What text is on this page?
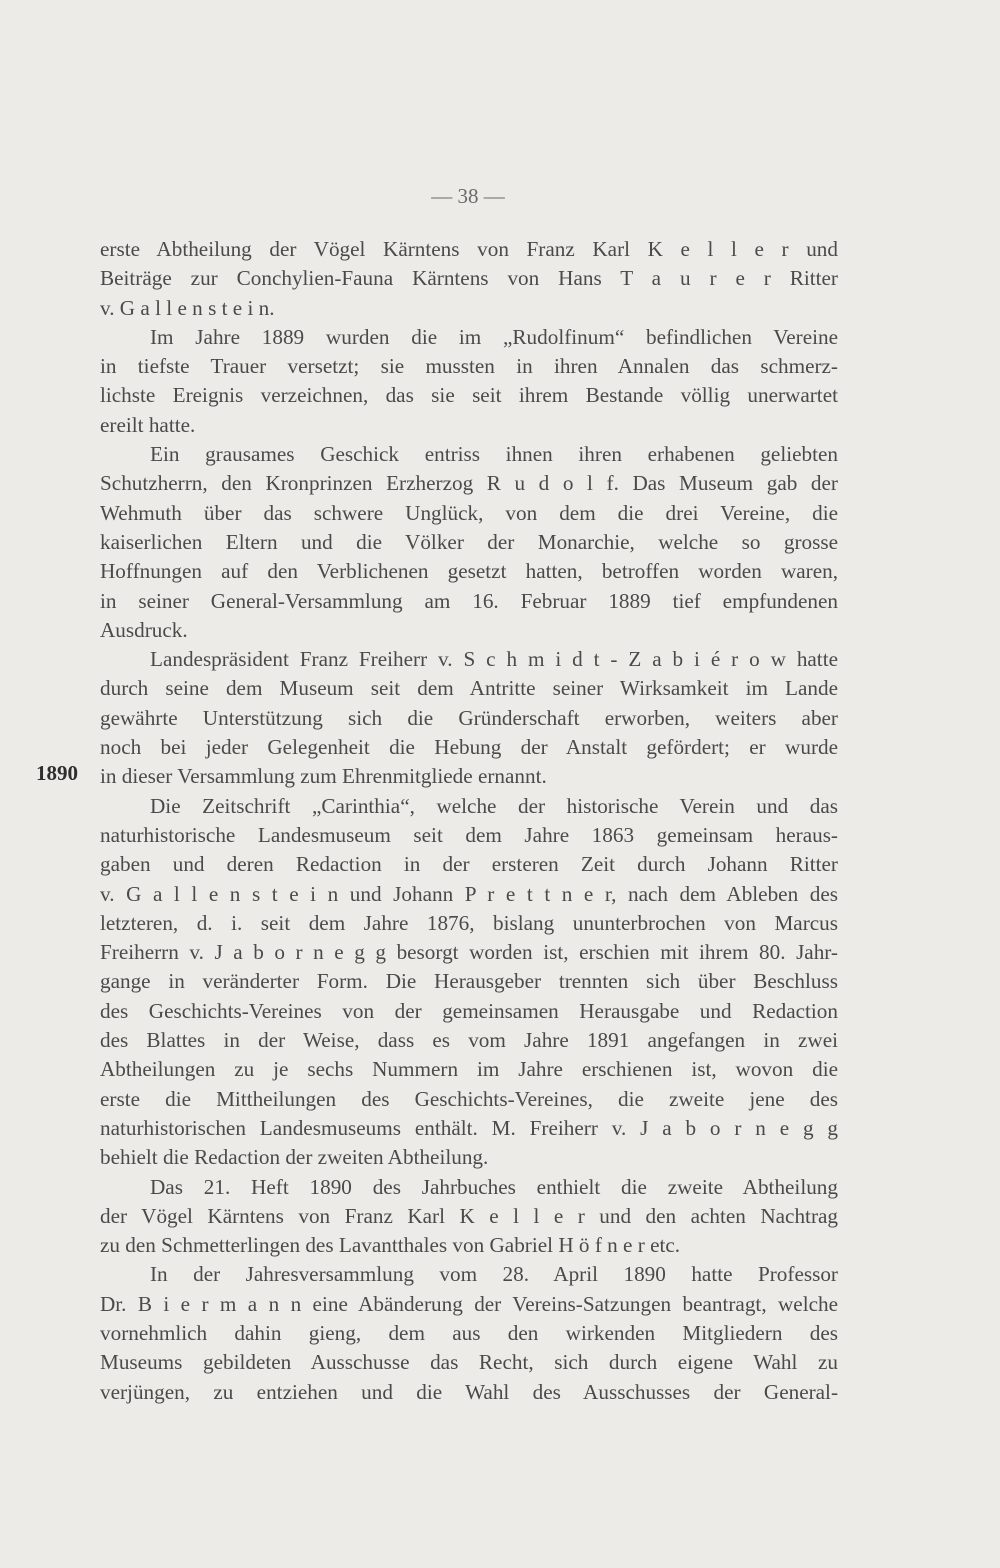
— 38 —
1890
erste Abtheilung der Vögel Kärntens von Franz Karl K e l l e r und
Beiträge zur Conchylien-Fauna Kärntens von Hans T a u r e r Ritter
v. G a l l e n s t e i n.
Im Jahre 1889 wurden die im „Rudolfinum“ befindlichen Vereine
in tiefste Trauer versetzt; sie mussten in ihren Annalen das schmerz-
lichste Ereignis verzeichnen, das sie seit ihrem Bestande völlig unerwartet
ereilt hatte.
Ein grausames Geschick entriss ihnen ihren erhabenen geliebten
Schutzherrn, den Kronprinzen Erzherzog R u d o l f. Das Museum gab der
Wehmuth über das schwere Unglück, von dem die drei Vereine, die
kaiserlichen Eltern und die Völker der Monarchie, welche so grosse
Hoffnungen auf den Verblichenen gesetzt hatten, betroffen worden waren,
in seiner General-Versammlung am 16. Februar 1889 tief empfundenen
Ausdruck.
Landespräsident Franz Freiherr v. S c h m i d t - Z a b i é r o w hatte
durch seine dem Museum seit dem Antritte seiner Wirksamkeit im Lande
gewährte Unterstützung sich die Gründerschaft erworben, weiters aber
noch bei jeder Gelegenheit die Hebung der Anstalt gefördert; er wurde
in dieser Versammlung zum Ehrenmitgliede ernannt.
Die Zeitschrift „Carinthia“, welche der historische Verein und das
naturhistorische Landesmuseum seit dem Jahre 1863 gemeinsam heraus-
gaben und deren Redaction in der ersteren Zeit durch Johann Ritter
v. G a l l e n s t e i n und Johann P r e t t n e r, nach dem Ableben des
letzteren, d. i. seit dem Jahre 1876, bislang ununterbrochen von Marcus
Freiherrn v. J a b o r n e g g besorgt worden ist, erschien mit ihrem 80. Jahr-
gange in veränderter Form. Die Herausgeber trennten sich über Beschluss
des Geschichts-Vereines von der gemeinsamen Herausgabe und Redaction
des Blattes in der Weise, dass es vom Jahre 1891 angefangen in zwei
Abtheilungen zu je sechs Nummern im Jahre erschienen ist, wovon die
erste die Mittheilungen des Geschichts-Vereines, die zweite jene des
naturhistorischen Landesmuseums enthält. M. Freiherr v. J a b o r n e g g
behielt die Redaction der zweiten Abtheilung.
Das 21. Heft 1890 des Jahrbuches enthielt die zweite Abtheilung
der Vögel Kärntens von Franz Karl K e l l e r und den achten Nachtrag
zu den Schmetterlingen des Lavantthales von Gabriel H ö f n e r etc.
In der Jahresversammlung vom 28. April 1890 hatte Professor
Dr. B i e r m a n n eine Abänderung der Vereins-Satzungen beantragt, welche
vornehmlich dahin gieng, dem aus den wirkenden Mitgliedern des
Museums gebildeten Ausschusse das Recht, sich durch eigene Wahl zu
verjüngen, zu entziehen und die Wahl des Ausschusses der General-
